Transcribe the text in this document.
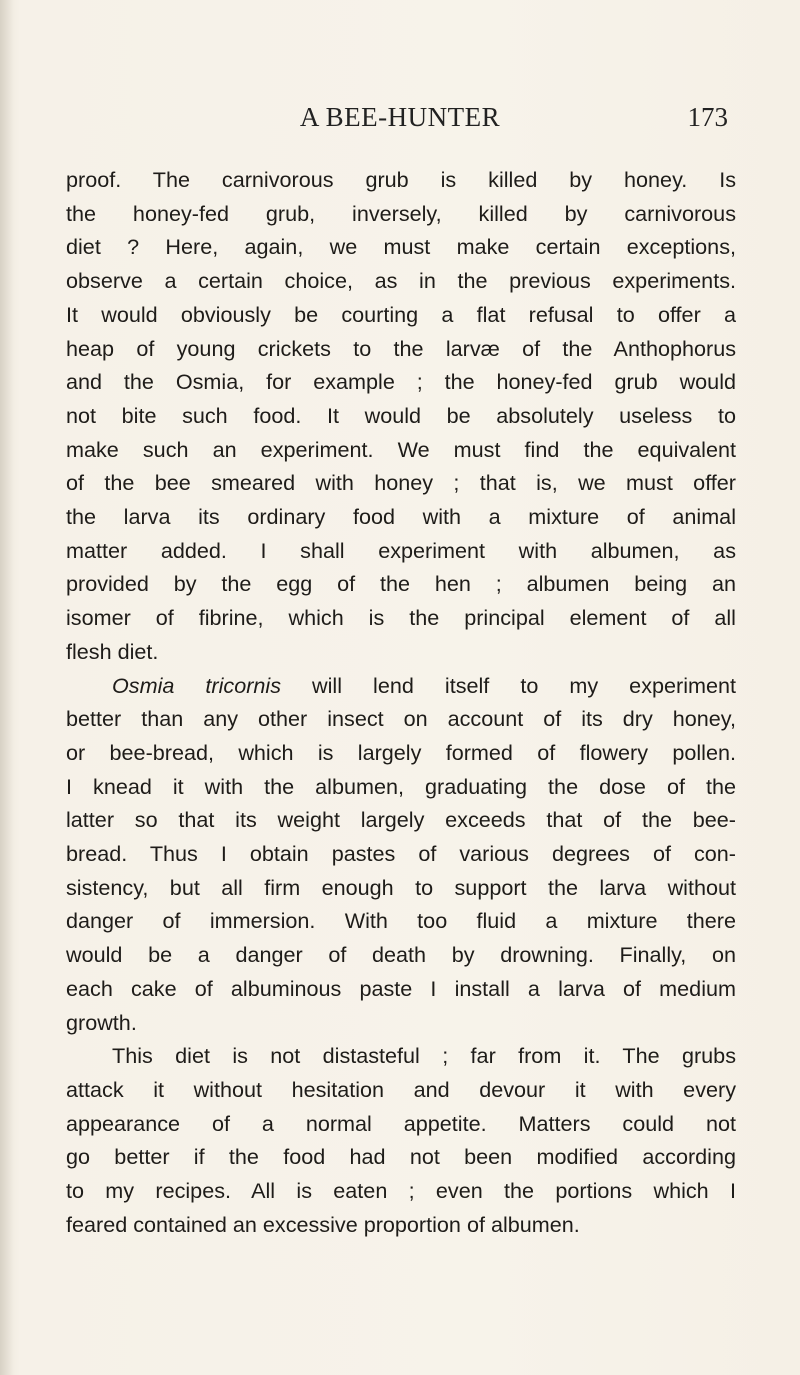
A BEE-HUNTER	173
proof. The carnivorous grub is killed by honey. Is
the honey-fed grub, inversely, killed by carnivorous
diet ? Here, again, we must make certain exceptions,
observe a certain choice, as in the previous experiments.
It would obviously be courting a flat refusal to offer a
heap of young crickets to the larvæ of the Anthophorus
and the Osmia, for example ; the honey-fed grub would
not bite such food. It would be absolutely useless to
make such an experiment. We must find the equivalent
of the bee smeared with honey ; that is, we must offer
the larva its ordinary food with a mixture of animal
matter added. I shall experiment with albumen, as
provided by the egg of the hen ; albumen being an
isomer of fibrine, which is the principal element of all
flesh diet.
Osmia tricornis will lend itself to my experiment
better than any other insect on account of its dry honey,
or bee-bread, which is largely formed of flowery pollen.
I knead it with the albumen, graduating the dose of the
latter so that its weight largely exceeds that of the bee-
bread. Thus I obtain pastes of various degrees of con-
sistency, but all firm enough to support the larva without
danger of immersion. With too fluid a mixture there
would be a danger of death by drowning. Finally, on
each cake of albuminous paste I install a larva of medium
growth.
This diet is not distasteful ; far from it. The grubs
attack it without hesitation and devour it with every
appearance of a normal appetite. Matters could not
go better if the food had not been modified according
to my recipes. All is eaten ; even the portions which I
feared contained an excessive proportion of albumen.
